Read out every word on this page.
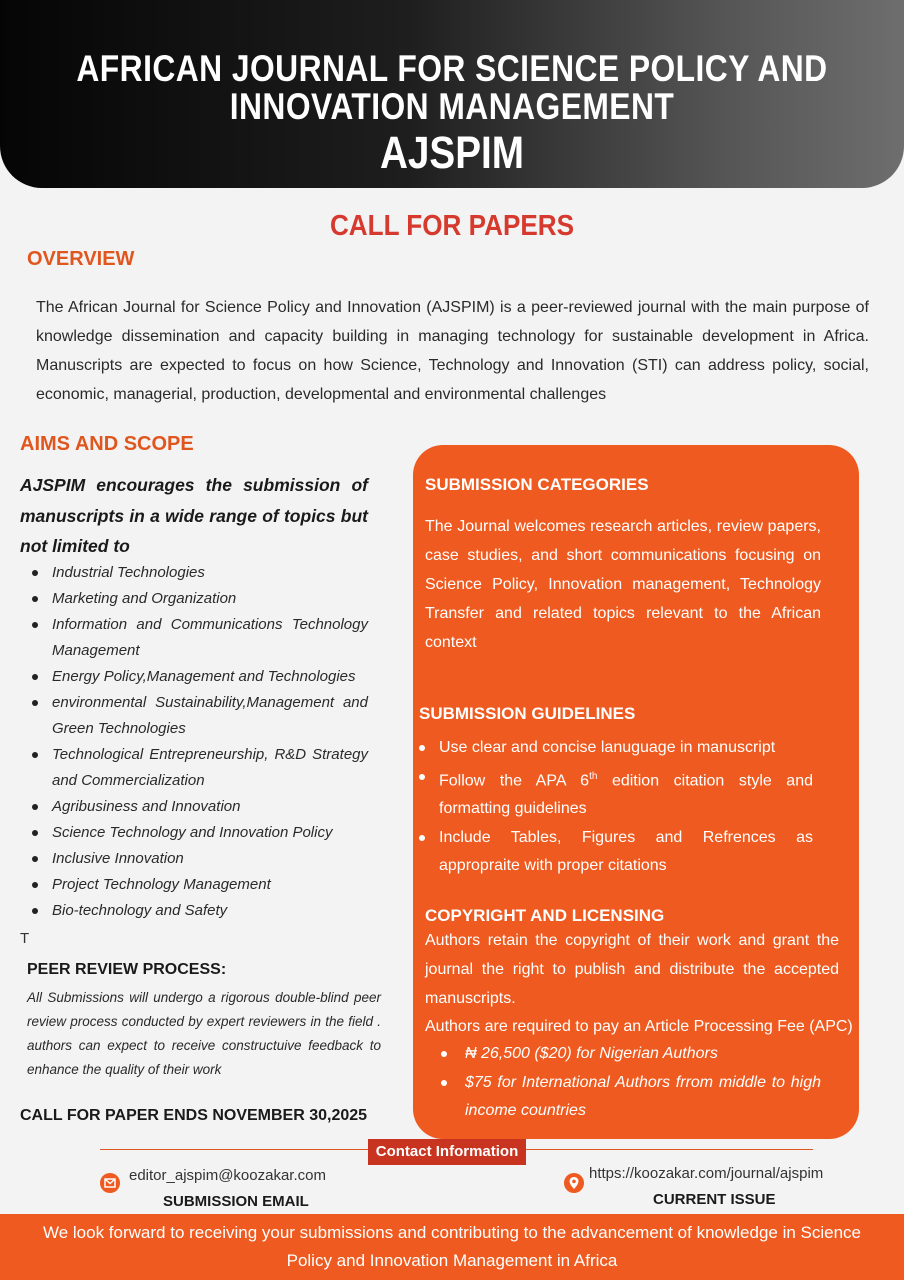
AFRICAN JOURNAL FOR SCIENCE POLICY AND INNOVATION MANAGEMENT
AJSPIM
CALL FOR PAPERS
OVERVIEW
The African Journal for Science Policy and Innovation (AJSPIM) is a peer-reviewed journal with the main purpose of knowledge dissemination and capacity building in managing technology for sustainable development in Africa. Manuscripts are expected to focus on how Science, Technology and Innovation (STI) can address policy, social, economic, managerial, production, developmental and environmental challenges
AIMS AND SCOPE
AJSPIM encourages the submission of manuscripts in a wide range of topics but not limited to
Industrial Technologies
Marketing and Organization
Information and Communications Technology Management
Energy Policy,Management and Technologies
environmental Sustainability,Management and Green Technologies
Technological Entrepreneurship, R&D Strategy and Commercialization
Agribusiness and Innovation
Science Technology and Innovation Policy
Inclusive Innovation
Project Technology Management
Bio-technology and Safety
T
PEER REVIEW PROCESS:
All Submissions will undergo a rigorous double-blind peer review process conducted by expert reviewers in the field . authors can expect to receive constructuive feedback to enhance the quality of their work
CALL FOR PAPER ENDS NOVEMBER 30,2025
SUBMISSION CATEGORIES
The Journal welcomes research articles, review papers, case studies, and short communications focusing on Science Policy, Innovation management, Technology Transfer and related topics relevant to the African context
SUBMISSION GUIDELINES
Use clear and concise lanuguage in manuscript
Follow the APA 6th edition citation style and formatting guidelines
Include Tables, Figures and Refrences as appropraite with proper citations
COPYRIGHT AND LICENSING
Authors retain the copyright of their work and grant the journal the right to publish and distribute the accepted manuscripts.
Authors are required to pay an Article Processing Fee (APC)
₦ 26,500 ($20) for Nigerian Authors
$75 for International Authors frrom middle to high income countries
Contact Information
editor_ajspim@koozakar.com
SUBMISSION EMAIL
https://koozakar.com/journal/ajspim
CURRENT ISSUE
We look forward to receiving your submissions and contributing to the advancement of knowledge in Science Policy and Innovation Management in Africa
